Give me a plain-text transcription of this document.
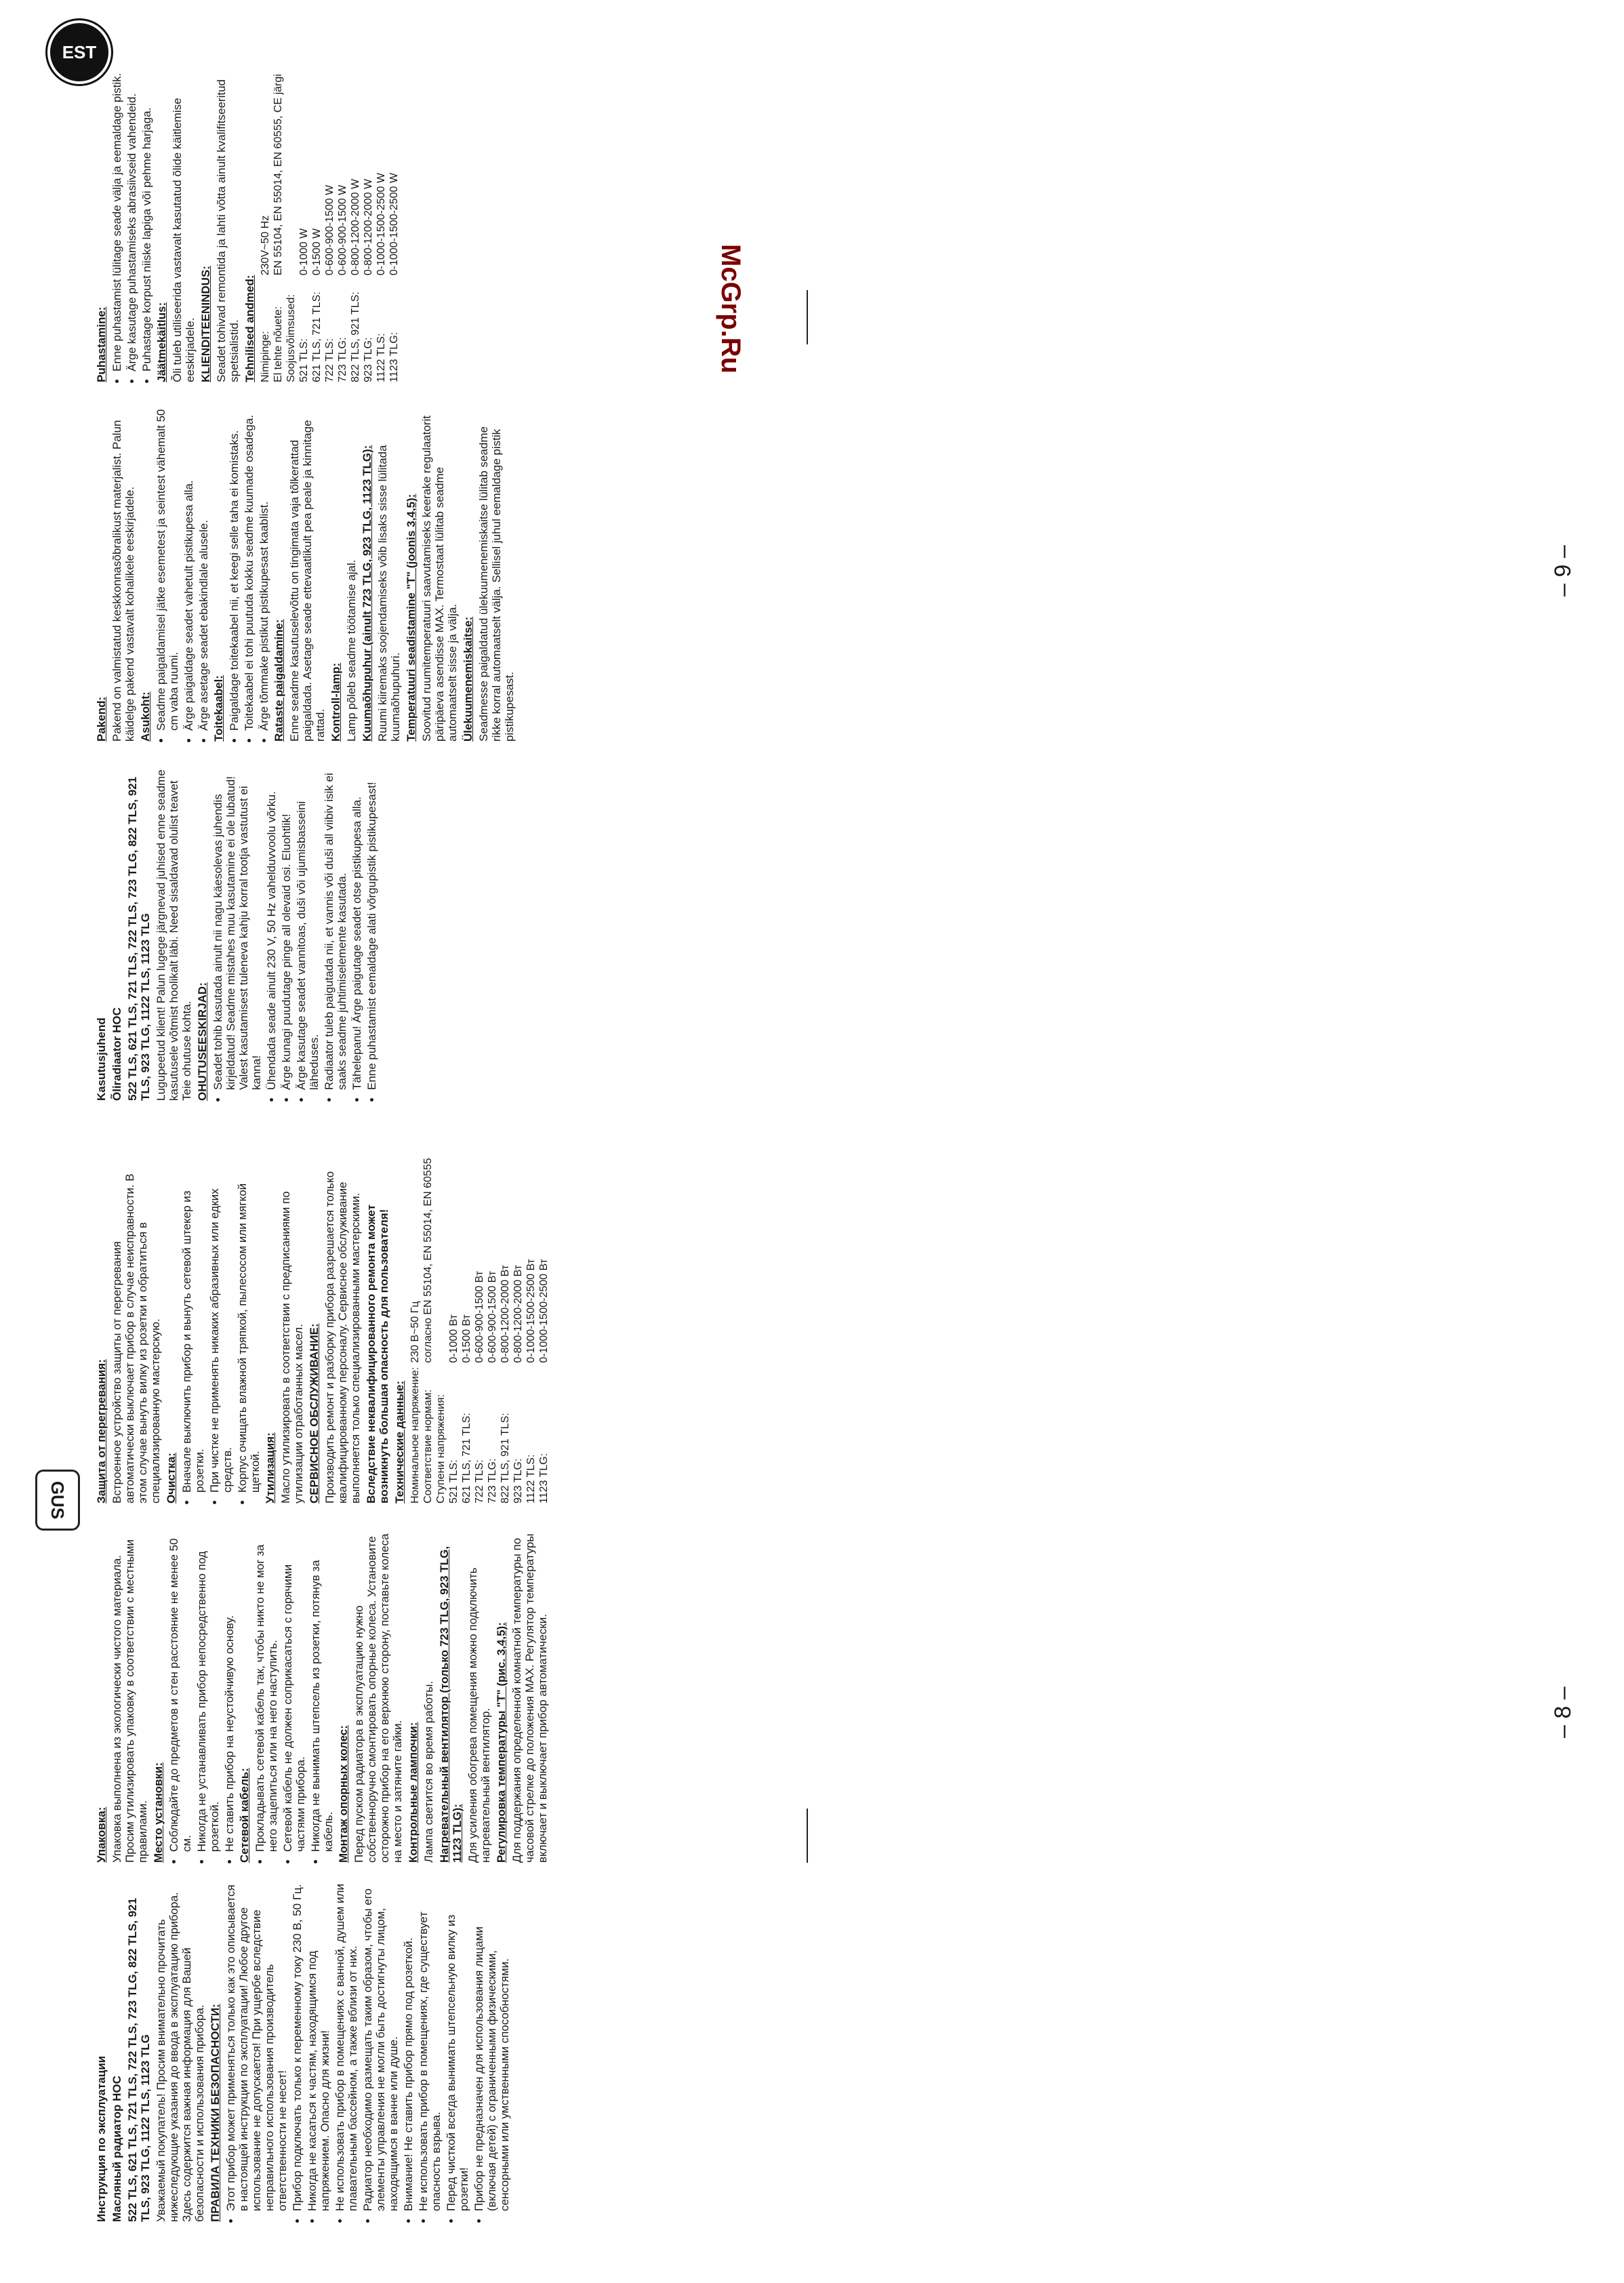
Инструкция по эксплуатации Масляный радиатор HOC 522 TLS, 621 TLS, 721 TLS, 722 TLS, 723 TLG, 822 TLS, 921 TLS, 923 TLG, 1122 TLS, 1123 TLG Уважаемый покупатель! Просим внимательно прочитать нижеследующие указания до ввода в эксплуатацию прибора. Здесь содержится важная информация для Вашей безопасности и использования прибора. ПРАВИЛА ТЕХНИКИ БЕЗОПАСНОСТИ: • Этот прибор может применяться только как это описывается в настоящей инструкции по эксплуатации! Любое другое использование не допускается! При ущербе вследствие неправильного использования производитель ответственности не несет! • Прибор подключать только к переменному току 230 В, 50 Гц. • Никогда не касаться к частям, находящимся под напряжением. Опасно для жизни! • Не использовать прибор в помещениях с ванной, душем или плавательным бассейном, а также вблизи от них. • Радиатор необходимо размещать таким образом, чтобы его элементы управления не могли быть достигнуты лицом, находящимся в ванне или душе. • Внимание! Не ставить прибор прямо под розеткой. • Не использовать прибор в помещениях, где существует опасность взрыва. • Перед чисткой всегда вынимать штепсельную вилку из розетки! • Прибор не предназначен для использования лицами (включая детей) с ограниченными физическими, сенсорными или умственными способностями.

Упаковка: Упаковка выполнена из экологически чистого материала. Просим утилизировать упаковку в соответствии с местными правилами. Место установки: • Соблюдайте до предметов и стен расстояние не менее 50 см. • Никогда не устанавливать прибор непосредственно под розеткой. • Не ставить прибор на неустойчивую основу. Сетевой кабель: • Прокладывать сетевой кабель так, чтобы никто не мог за него зацепиться или на него наступить. • Сетевой кабель не должен соприкасаться с горячими частями прибора. • Никогда не вынимать штепсель из розетки, потянув за кабель. Монтаж опорных колес: Перед пуском радиатора в эксплуатацию нужно собственноручно смонтировать опорные колеса. Установите осторожно прибор на его верхнюю сторону, поставьте колеса на место и затяните гайки. Контрольные лампочки: Лампа светится во время работы. Нагревательный вентилятор (только 723 TLG, 923 TLG, 1123 TLG): Для усиления обогрева помещения можно подключить нагревательный вентилятор. Регулировка температуры "T" (рис. 3,4,5): Для поддержания определенной комнатной температуры по часовой стрелке до положения MAX. Регулятор температуры включает и выключает прибор автоматически.

Защита от перегревания: Встроенное устройство защиты от перегревания автоматически выключает прибор в случае неисправности. В этом случае вынуть вилку из розетки и обратиться в специализированную мастерскую. Очистка: • Вначале выключить прибор и вынуть сетевой штекер из розетки. • При чистке не применять никаких абразивных или едких средств. • Корпус очищать влажной тряпкой, пылесосом или мягкой щеткой. Утилизация: Масло утилизировать в соответствии с предписаниями по утилизации отработанных масел. СЕРВИСНОЕ ОБСЛУЖИВАНИЕ: Производить ремонт и разборку прибора разрешается только квалифицированному персоналу. Сервисное обслуживание выполняется только специализированными мастерскими. Вследствие неквалифицированного ремонта может возникнуть большая опасность для пользователя! Технические данные: Номинальное напряжение:	230 В~50 Гц
Соответствие нормам:	согласно EN 55104, EN 55014, EN 60555
Ступени напряжения:	
521 TLS:	0-1000 Вт
621 TLS, 721 TLS:	0-1500 Вт
722 TLS:	0-600-900-1500 Вт
723 TLG:	0-600-900-1500 Вт
822 TLS, 921 TLS:	0-800-1200-2000 Вт
923 TLG:	0-800-1200-2000 Вт
1122 TLS:	0-1000-1500-2500 Вт
1123 TLG:	0-1000-1500-2500 Вт
– 8 –

Kasutusjuhend Õliradiaator HOC 522 TLS, 621 TLS, 721 TLS, 722 TLS, 723 TLG, 822 TLS, 921 TLS, 923 TLG, 1122 TLS, 1123 TLG Lugupeetud klient! Palun lugege järgnevad juhised enne seadme kasutusele võtmist hoolikalt läbi. Need sisaldavad olulist teavet Teie ohutuse kohta. OHUTUSEESKIRJAD: • Seadet tohib kasutada ainult nii nagu käesolevas juhendis kirjeldatud! Seadme mistahes muu kasutamine ei ole lubatud! Valest kasutamisest tuleneva kahju korral tootja vastutust ei kanna! • Ühendada seade ainult 230 V, 50 Hz vahelduvvoolu võrku. • Ärge kunagi puudutage pinge all olevaid osi. Eluohtlik! • Ärge kasutage seadet vannitoas, duši või ujumisbasseini läheduses. • Radiaator tuleb paigutada nii, et vannis või duši all viibiv isik ei saaks seadme juhtimiselemente kasutada. • Tähelepanu! Ärge paigutage seadet otse pistikupesa alla. • Enne puhastamist eemaldage alati võrgupistik pistikupesast!

Pakend: Pakend on valmistatud keskkonnasõbralikust materjalist. Palun käidelge pakend vastavalt kohalikele eeskirjadele. Asukoht: • Seadme paigaldamisel jätke esemetest ja seintest vähemalt 50 cm vaba ruumi. • Ärge paigaldage seadet vahetult pistikupesa alla. • Ärge asetage seadet ebakindlale alusele. Toitekaabel: • Paigaldage toitekaabel nii, et keegi selle taha ei komistaks. • Toitekaabel ei tohi puutuda kokku seadme kuumade osadega. • Ärge tõmmake pistikut pistikupesast kaablist. Rataste paigaldamine: Enne seadme kasutuselevõttu on tingimata vaja tõlkerattad paigaldada. Asetage seade ettevaatlikult pea peale ja kinnitage rattad. Kontroll-lamp: Lamp põleb seadme töötamise ajal. Kuumaõhupuhur (ainult 723 TLG, 923 TLG, 1123 TLG): Ruumi kiiremaks soojendamiseks võib lisaks sisse lülitada kuumaõhupuhuri. Temperatuuri seadistamine "T" (joonis 3,4,5): Soovitud ruumitemperatuuri saavutamiseks keerake regulaatorit päripäeva asendisse MAX. Termostaat lülitab seadme automaatselt sisse ja välja. Ülekuumenemiskaitse: Seadmesse paigaldatud ülekuumenemiskaitse lülitab seadme rikke korral automaatselt välja. Sellisel juhul eemaldage pistik pistikupesast.

Puhastamine: • Enne puhastamist lülitage seade välja ja eemaldage pistik. • Ärge kasutage puhastamiseks abrasiivseid vahendeid. • Puhastage korpust niiske lapiga või pehme harjaga. Jäätmekäitlus: Õli tuleb utiliseerida vastavalt kasutatud õlide käitlemise eeskirjadele. KLIENDITEENINDUS: Seadet tohivad remontida ja lahti võtta ainult kvalifitseeritud spetsialistid. Tehnilised andmed: Nimipinge:	230V~50 Hz
El tehte nõuete:	EN 55104, EN 55014, EN 60555, CE järgi
Soojusvõimsused:	
521 TLS:	0-1000 W
621 TLS, 721 TLS:	0-1500 W
722 TLS:	0-600-900-1500 W
723 TLG:	0-600-900-1500 W
822 TLS, 921 TLS:	0-800-1200-2000 W
923 TLG:	0-800-1200-2000 W
1122 TLS:	0-1000-1500-2500 W
1123 TLG:	0-1000-1500-2500 W
EST
– 9 –
GUS
McGrp.Ru
